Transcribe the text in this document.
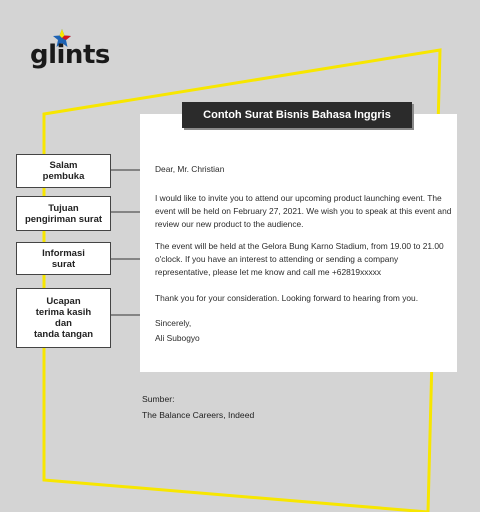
glints
Contoh Surat Bisnis Bahasa Inggris
Dear, Mr. Christian
I would like to invite you to attend our upcoming product launching event. The event will be held on February 27, 2021. We wish you to speak at this event and review our new product to the audience.
The event will be held at the Gelora Bung Karno Stadium, from 19.00 to 21.00 o'clock. If you have an interest to attending or sending a company representative, please let me know and call me +62819xxxxx
Thank you for your consideration. Looking forward to hearing from you.
Sincerely,
Ali Subogyo
Salam
pembuka
Tujuan
pengiriman surat
Informasi
surat
Ucapan
terima kasih
dan
tanda tangan
Sumber:
The Balance Careers, Indeed
